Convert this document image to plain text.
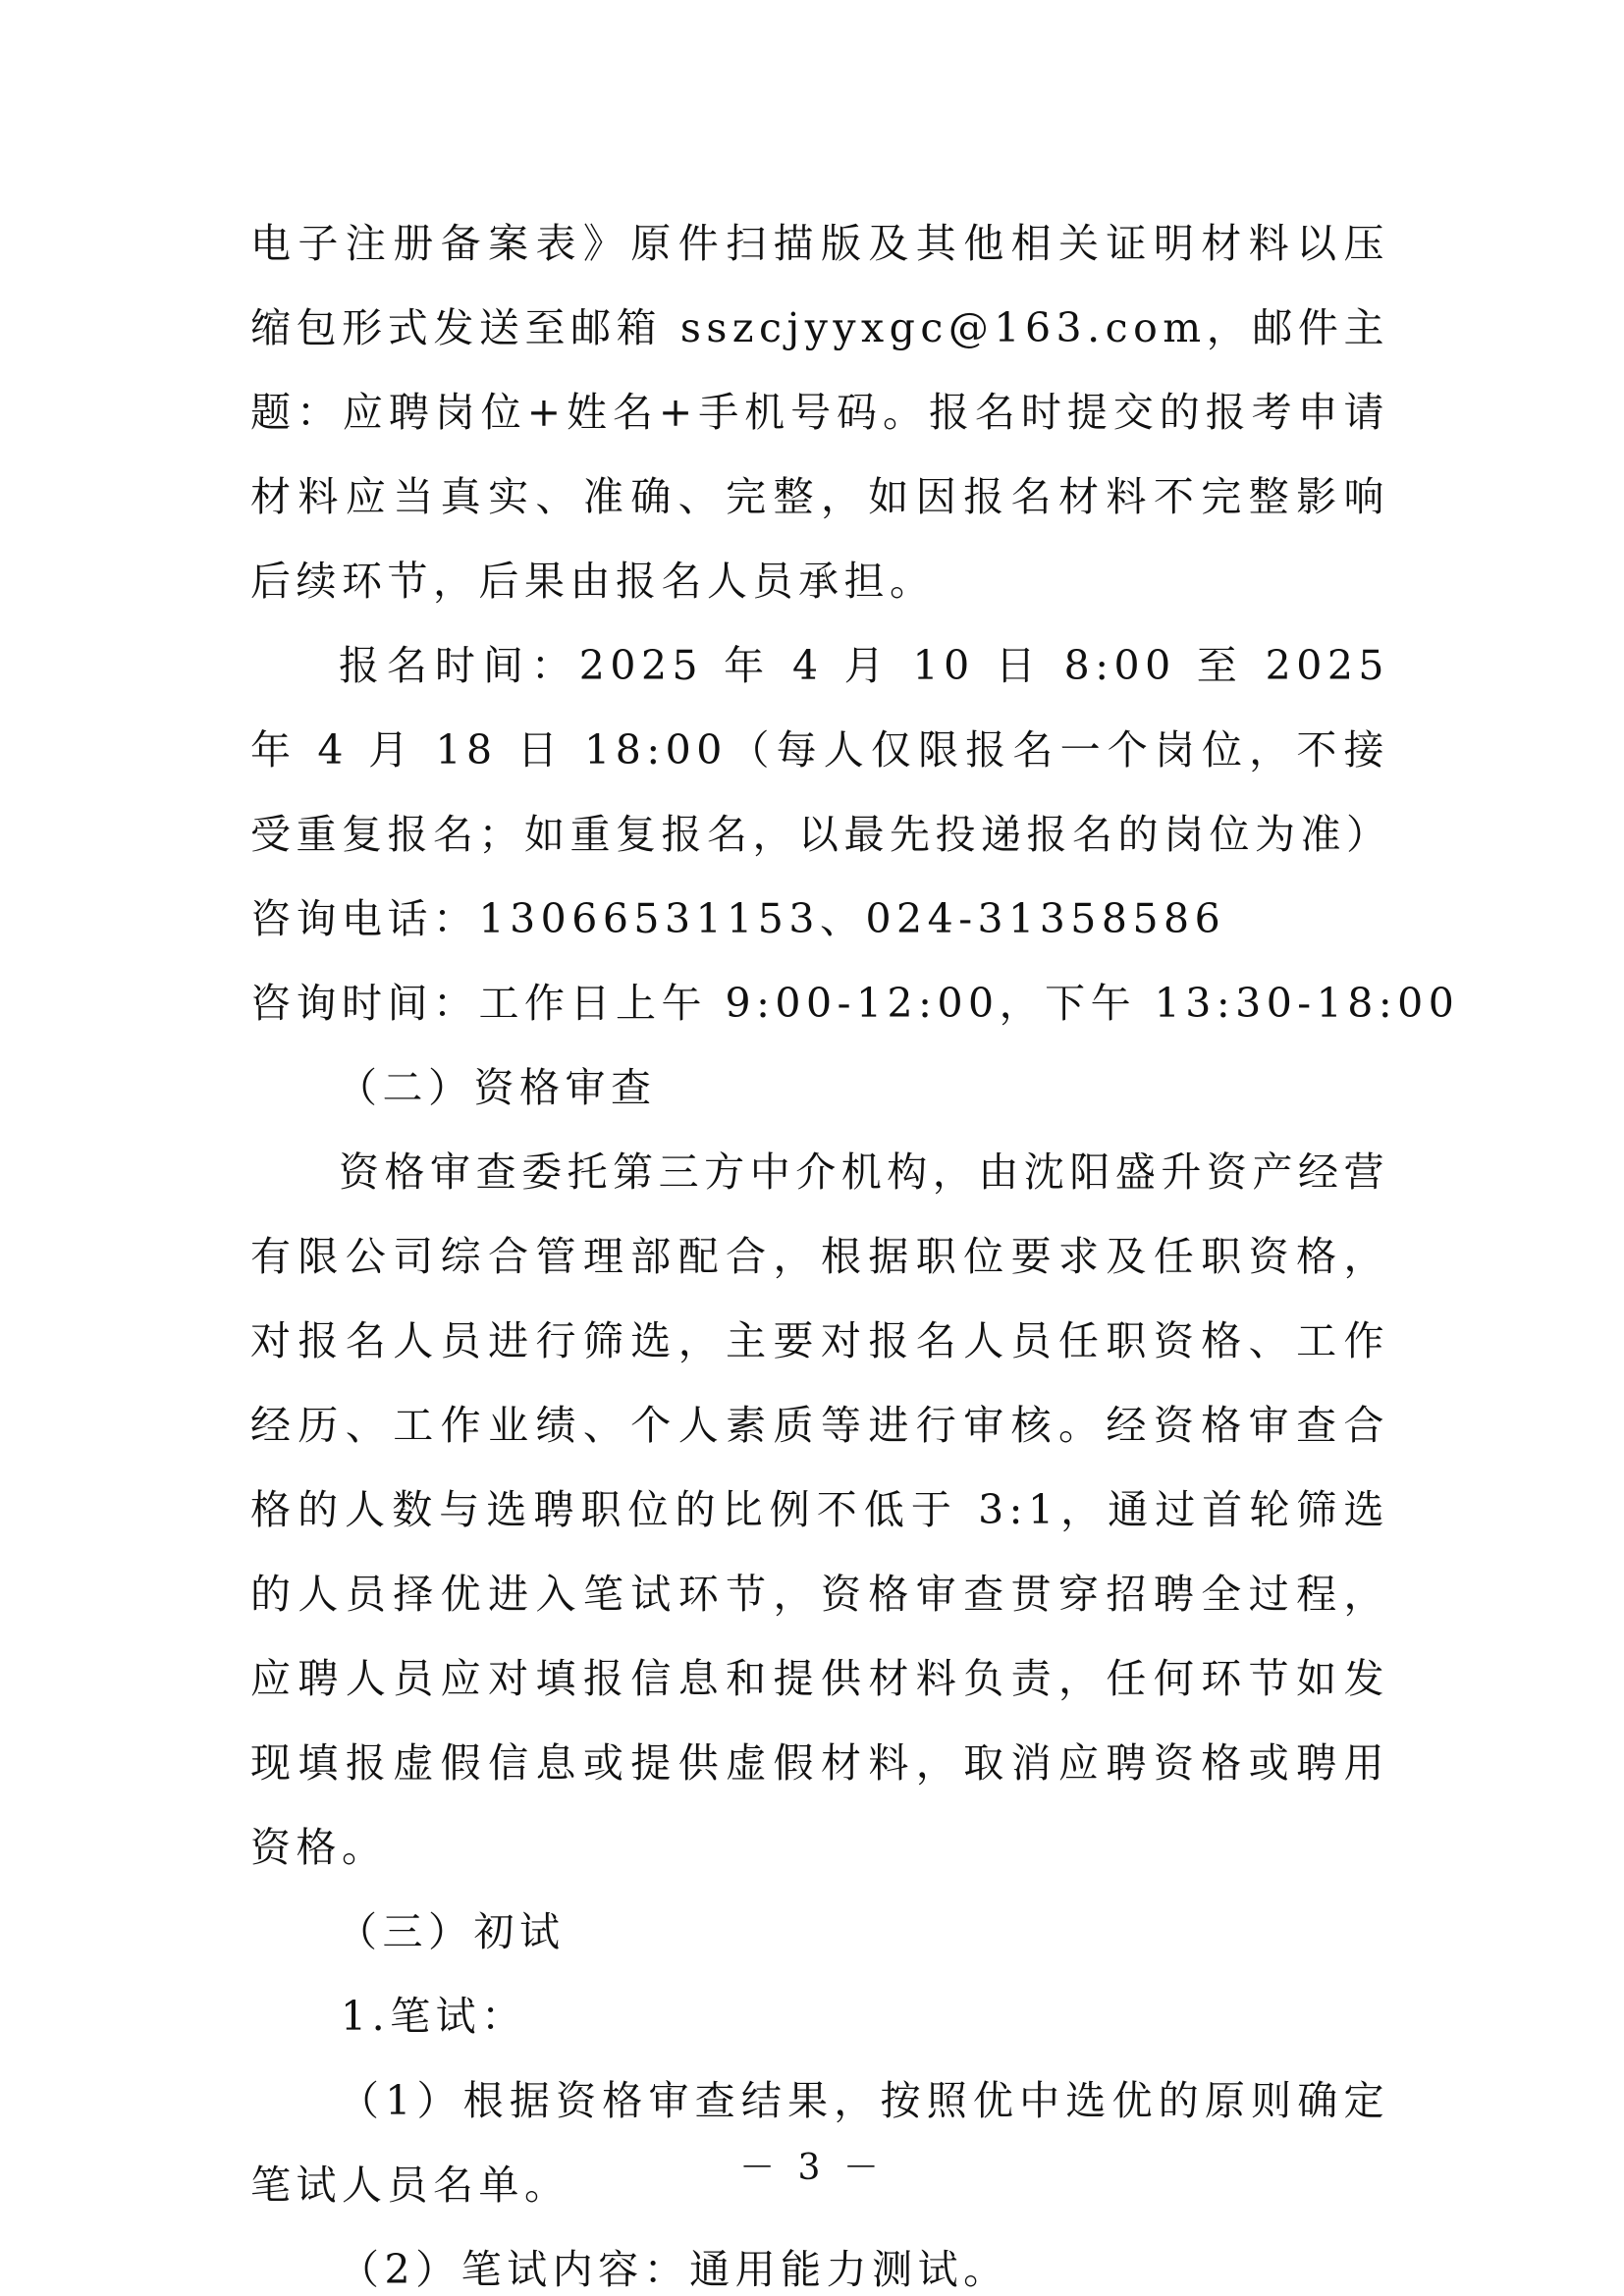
电子注册备案表》原件扫描版及其他相关证明材料以压缩包形式发送至邮箱 sszcjyyxgc@163.com，邮件主题：应聘岗位+姓名+手机号码。报名时提交的报考申请材料应当真实、准确、完整，如因报名材料不完整影响后续环节，后果由报名人员承担。

报名时间：2025 年 4 月 10 日 8:00 至 2025 年 4 月 18 日 18:00（每人仅限报名一个岗位，不接受重复报名；如重复报名，以最先投递报名的岗位为准）

咨询电话：13066531153、024-31358586

咨询时间：工作日上午 9:00-12:00，下午 13:30-18:00

（二）资格审查

资格审查委托第三方中介机构，由沈阳盛升资产经营有限公司综合管理部配合，根据职位要求及任职资格，对报名人员进行筛选，主要对报名人员任职资格、工作经历、工作业绩、个人素质等进行审核。经资格审查合格的人数与选聘职位的比例不低于 3:1，通过首轮筛选的人员择优进入笔试环节，资格审查贯穿招聘全过程，应聘人员应对填报信息和提供材料负责，任何环节如发现填报虚假信息或提供虚假材料，取消应聘资格或聘用资格。

（三）初试

1.笔试：

（1）根据资格审查结果，按照优中选优的原则确定笔试人员名单。

（2）笔试内容：通用能力测试。

－ 3 －
